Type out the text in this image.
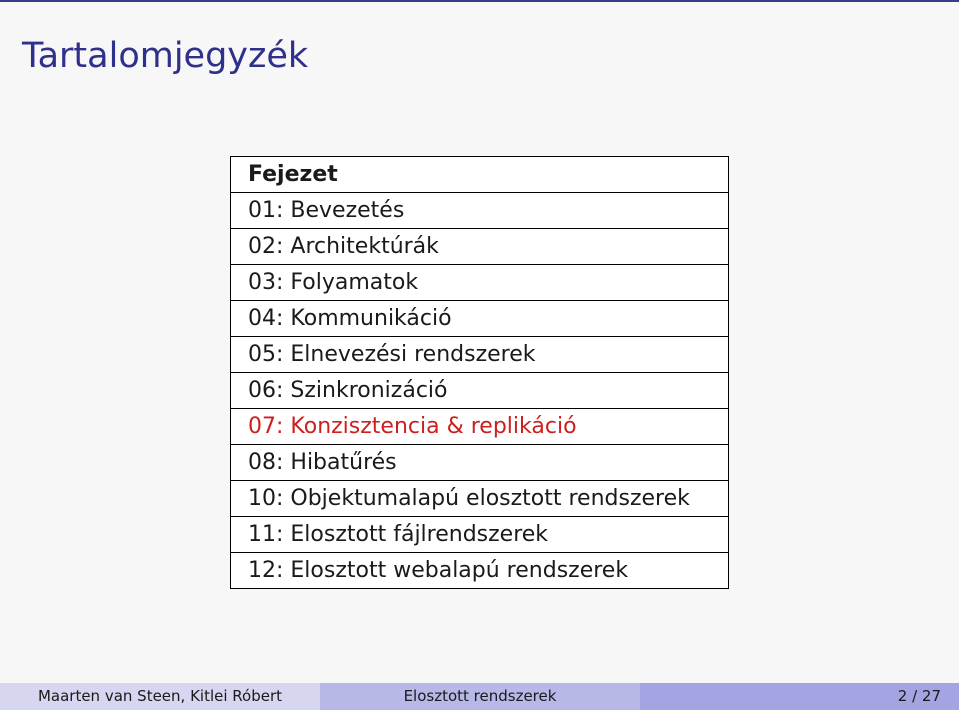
Tartalomjegyzék
Fejezet
01: Bevezetés
02: Architektúrák
03: Folyamatok
04: Kommunikáció
05: Elnevezési rendszerek
06: Szinkronizáció
07: Konzisztencia & replikáció
08: Hibatűrés
10: Objektumalapú elosztott rendszerek
11: Elosztott fájlrendszerek
12: Elosztott webalapú rendszerek
Maarten van Steen, Kitlei Róbert	Elosztott rendszerek	2 / 27
